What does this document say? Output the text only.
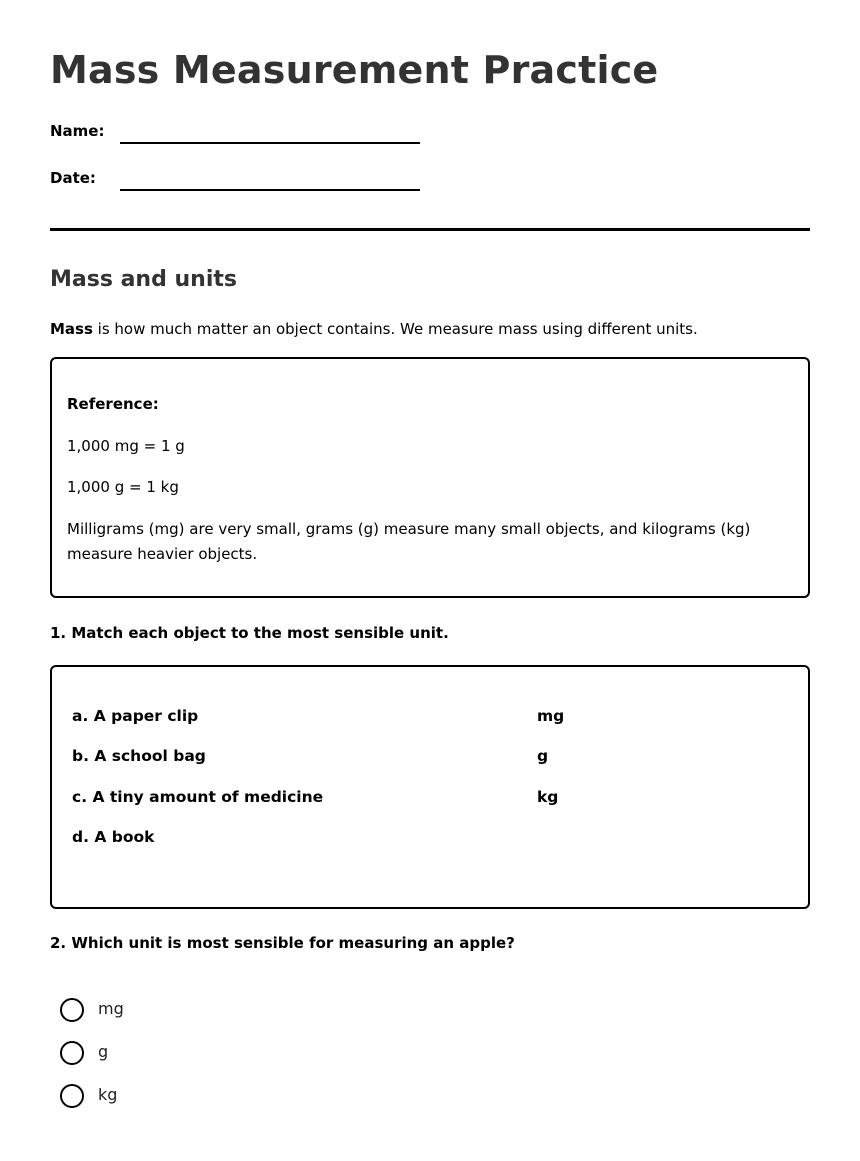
Mass Measurement Practice
Name:
Date:
Mass and units

Mass is how much matter an object contains. We measure mass using different units.

Reference:
1,000 mg = 1 g
1,000 g = 1 kg
Milligrams (mg) are very small, grams (g) measure many small objects, and kilograms (kg) measure heavier objects.

1. Match each object to the most sensible unit.

a. A paper clip
b. A school bag
c. A tiny amount of medicine
d. A book
mg
g
kg

2. Which unit is most sensible for measuring an apple?

mg
g
kg
